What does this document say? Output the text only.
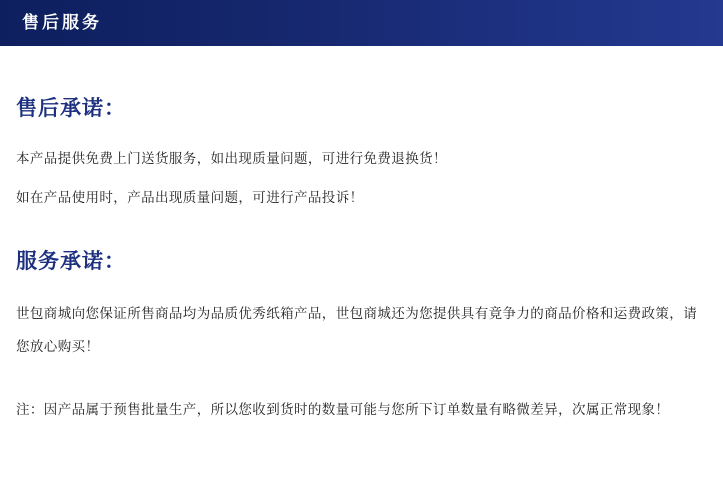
售后服务
售后承诺：

本产品提供免费上门送货服务，如出现质量问题，可进行免费退换货！

如在产品使用时，产品出现质量问题，可进行产品投诉！

服务承诺：

世包商城向您保证所售商品均为品质优秀纸箱产品，世包商城还为您提供具有竟争力的商品价格和运费政策，请您放心购买！

注：因产品属于预售批量生产，所以您收到货时的数量可能与您所下订单数量有略微差异，次属正常现象！
